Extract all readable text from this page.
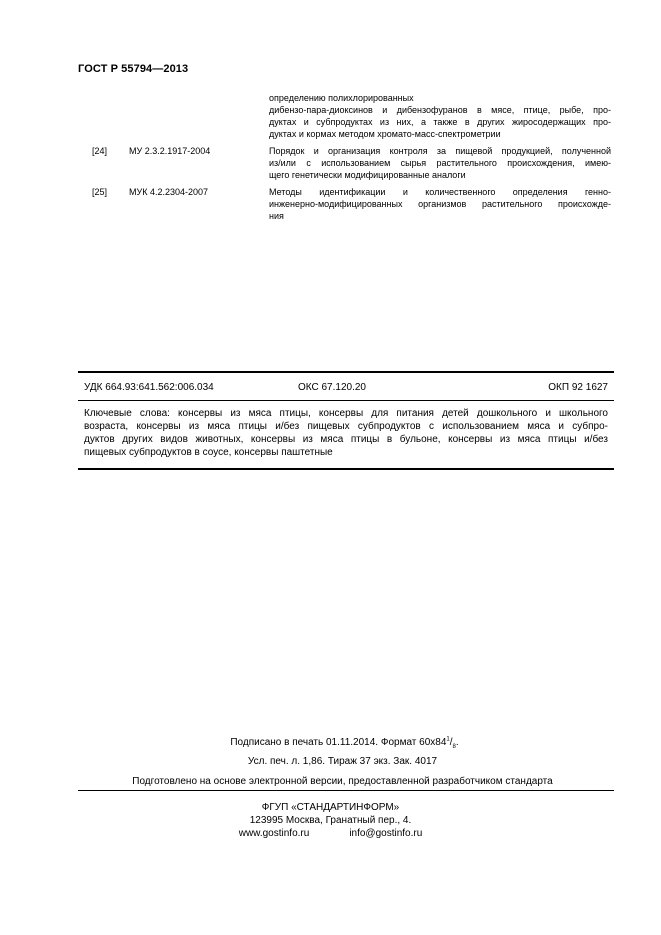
ГОСТ Р 55794—2013
определению полихлорированных
дибензо-пара-диоксинов и дибензофуранов в мясе, птице, рыбе, про-
дуктах и субпродуктах из них, а также в других жиросодержащих про-
дуктах и кормах методом хромато-масс-спектрометрии
[24] МУ 2.3.2.1917-2004	Порядок и организация контроля за пищевой продукцией, полученной
из/или с использованием сырья растительного происхождения, имею-
щего генетически модифицированные аналоги
[25] МУК 4.2.2304-2007	Методы идентификации и количественного определения генно-
инженерно-модифицированных организмов растительного происхожде-
ния
УДК 664.93:641.562:006.034	ОКС 67.120.20	ОКП 92 1627
Ключевые слова: консервы из мяса птицы, консервы для питания детей дошкольного и школьного
возраста, консервы из мяса птицы и/без пищевых субпродуктов с использованием мяса и субпро-
дуктов других видов животных, консервы из мяса птицы в бульоне, консервы из мяса птицы и/без
пищевых субпродуктов в соусе, консервы паштетные
Подписано в печать 01.11.2014. Формат $60x84^1/_8$.
Усл. печ. л. 1,86. Тираж 37 экз. Зак. 4017
Подготовлено на основе электронной версии, предоставленной разработчиком стандарта
ФГУП «СТАНДАРТИНФОРМ»
123995 Москва, Гранатный пер., 4.
www.gostinfo.ru	info@gostinfo.ru
